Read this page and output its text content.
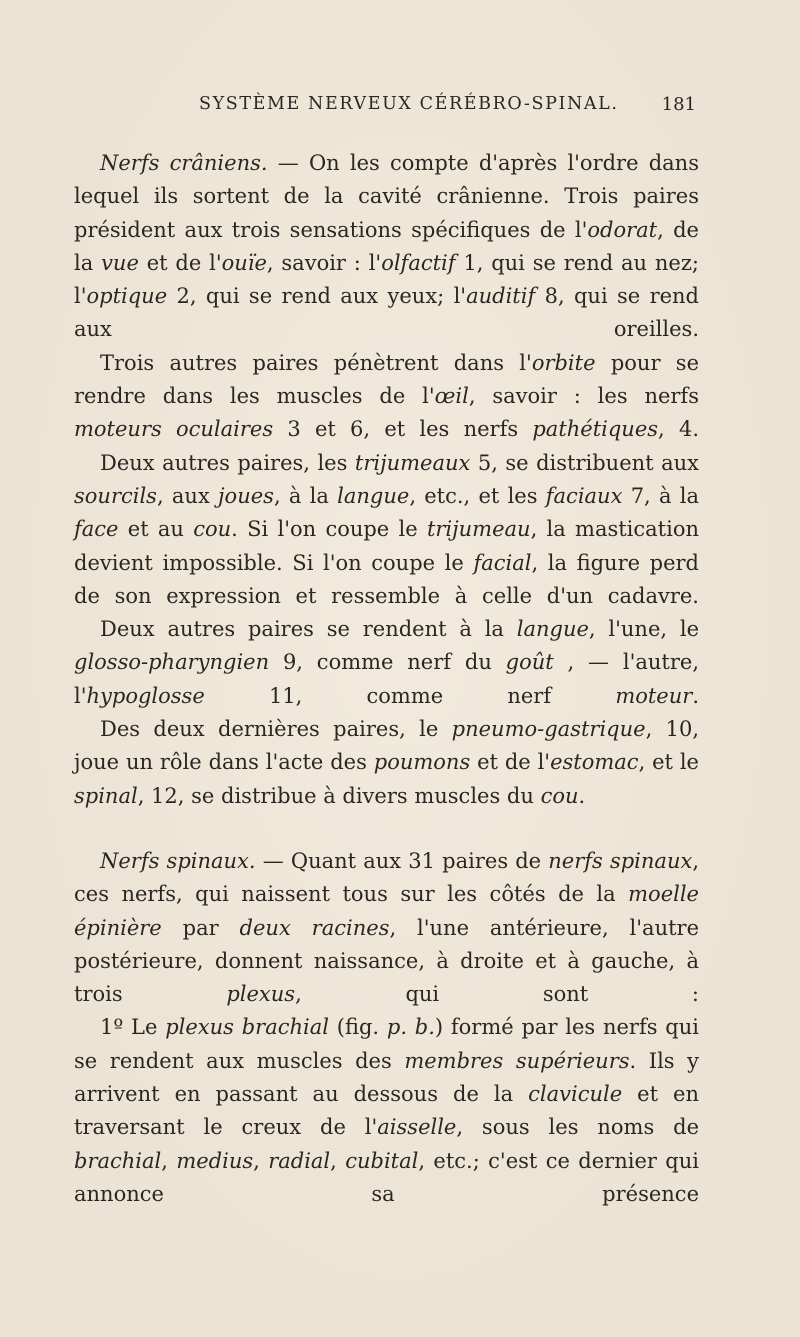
SYSTÈME NERVEUX CÉRÉBRO-SPINAL. 181

Nerfs crâniens. — On les compte d'après l'ordre dans lequel ils sortent de la cavité crânienne. Trois paires président aux trois sensations spécifiques de l'odorat, de la vue et de l'ouïe, savoir : l'olfactif 1, qui se rend au nez; l'optique 2, qui se rend aux yeux; l'auditif 8, qui se rend aux oreilles.

Trois autres paires pénètrent dans l'orbite pour se rendre dans les muscles de l'œil, savoir : les nerfs moteurs oculaires 3 et 6, et les nerfs pathétiques, 4.

Deux autres paires, les trijumeaux 5, se distribuent aux sourcils, aux joues, à la langue, etc., et les faciaux 7, à la face et au cou. Si l'on coupe le trijumeau, la mastication devient impossible. Si l'on coupe le facial, la figure perd de son expression et ressemble à celle d'un cadavre.

Deux autres paires se rendent à la langue, l'une, le glosso-pharyngien 9, comme nerf du goût , — l'autre, l'hypoglosse 11, comme nerf moteur.

Des deux dernières paires, le pneumo-gastrique, 10, joue un rôle dans l'acte des poumons et de l'estomac, et le spinal, 12, se distribue à divers muscles du cou.

Nerfs spinaux. — Quant aux 31 paires de nerfs spinaux, ces nerfs, qui naissent tous sur les côtés de la moelle épinière par deux racines, l'une antérieure, l'autre postérieure, donnent naissance, à droite et à gauche, à trois plexus, qui sont :

1º Le plexus brachial (fig. p. b.) formé par les nerfs qui se rendent aux muscles des membres supérieurs. Ils y arrivent en passant au dessous de la clavicule et en traversant le creux de l'aisselle, sous les noms de brachial, medius, radial, cubital, etc.; c'est ce dernier qui annonce sa présence
